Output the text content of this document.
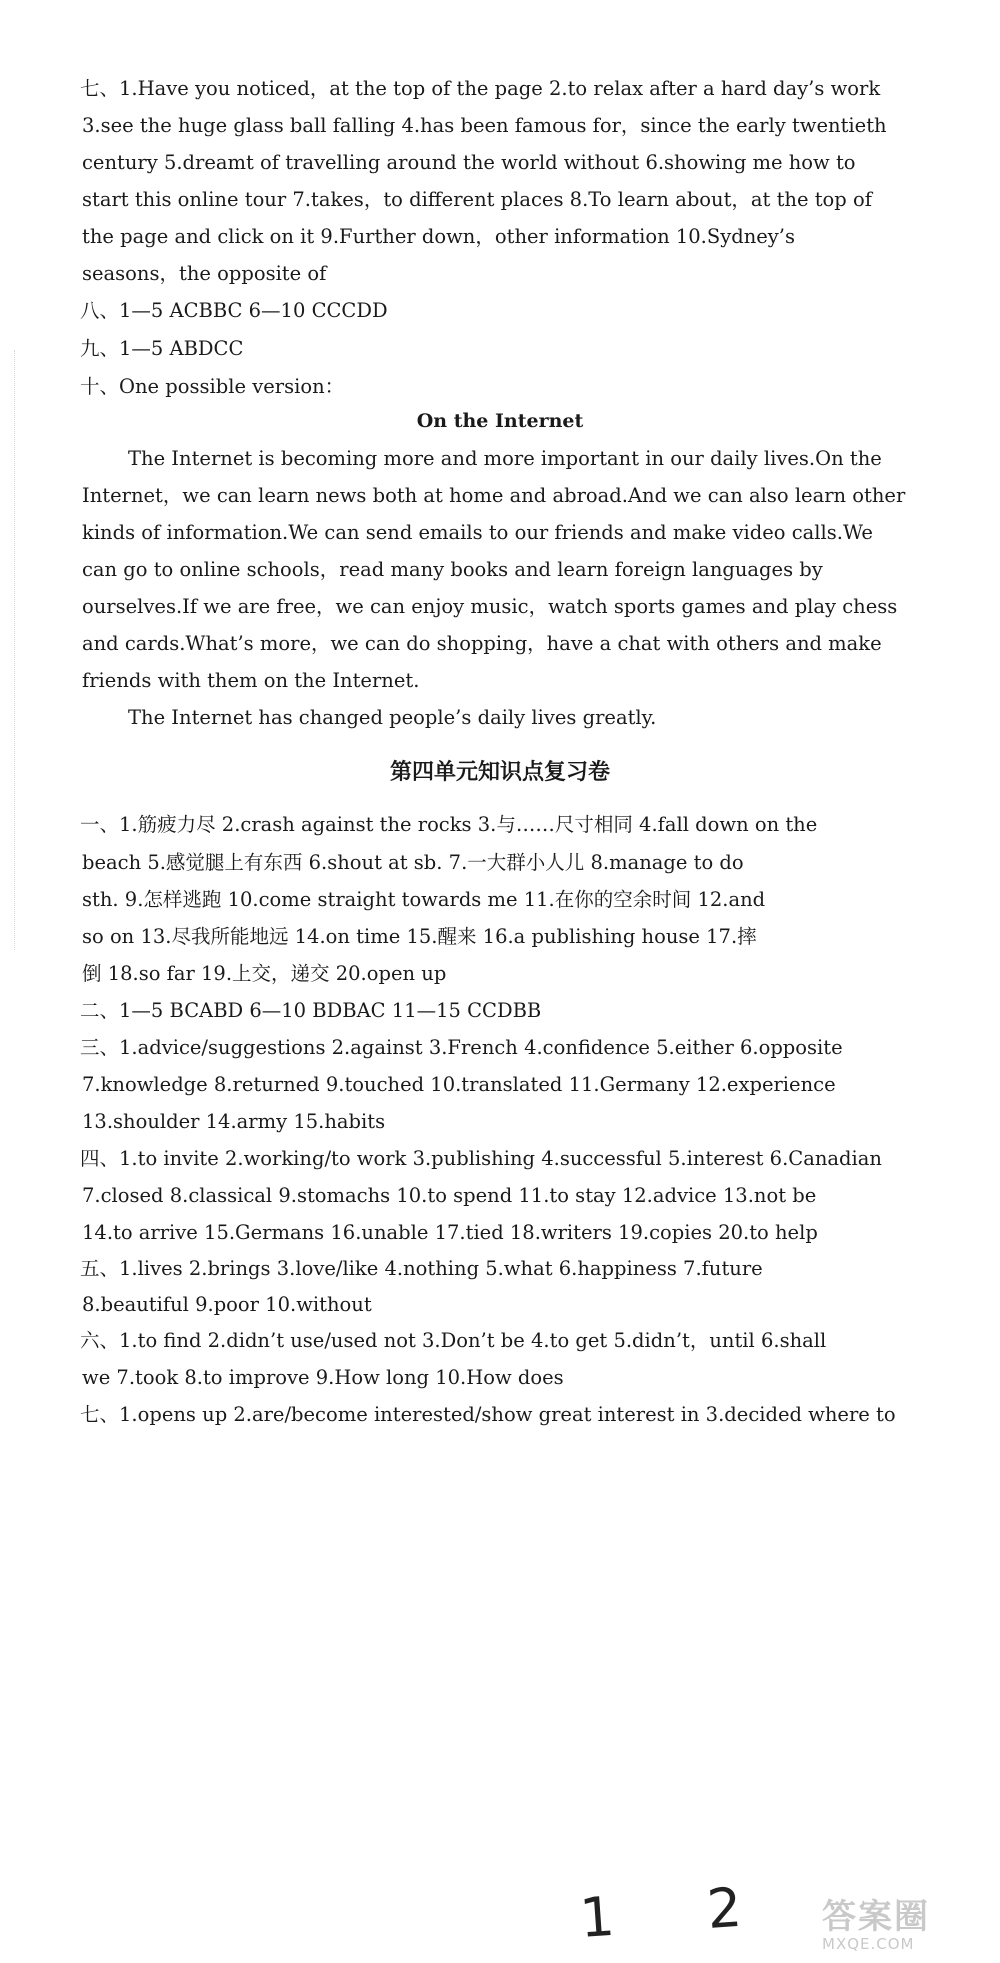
七、1.Have you noticed，at the top of the page 2.to relax after a hard day’s work
3.see the huge glass ball falling 4.has been famous for，since the early twentieth
century 5.dreamt of travelling around the world without 6.showing me how to
start this online tour 7.takes，to different places 8.To learn about，at the top of
the page and click on it 9.Further down，other information 10.Sydney’s
seasons，the opposite of
八、1—5 ACBBC 6—10 CCCDD
九、1—5 ABDCC
十、One possible version：
On the Internet
The Internet is becoming more and more important in our daily lives.On the
Internet，we can learn news both at home and abroad.And we can also learn other
kinds of information.We can send emails to our friends and make video calls.We
can go to online schools，read many books and learn foreign languages by
ourselves.If we are free，we can enjoy music，watch sports games and play chess
and cards.What’s more，we can do shopping，have a chat with others and make
friends with them on the Internet.
The Internet has changed people’s daily lives greatly.
第四单元知识点复习卷
一、1.筋疲力尽 2.crash against the rocks 3.与……尺寸相同 4.fall down on the
beach 5.感觉腿上有东西 6.shout at sb. 7.一大群小人儿 8.manage to do
sth. 9.怎样逃跑 10.come straight towards me 11.在你的空余时间 12.and
so on 13.尽我所能地远 14.on time 15.醒来 16.a publishing house 17.摔
倒 18.so far 19.上交，递交 20.open up
二、1—5 BCABD 6—10 BDBAC 11—15 CCDBB
三、1.advice/suggestions 2.against 3.French 4.confidence 5.either 6.opposite
7.knowledge 8.returned 9.touched 10.translated 11.Germany 12.experience
13.shoulder 14.army 15.habits
四、1.to invite 2.working/to work 3.publishing 4.successful 5.interest 6.Canadian
7.closed 8.classical 9.stomachs 10.to spend 11.to stay 12.advice 13.not be
14.to arrive 15.Germans 16.unable 17.tied 18.writers 19.copies 20.to help
五、1.lives 2.brings 3.love/like 4.nothing 5.what 6.happiness 7.future
8.beautiful 9.poor 10.without
六、1.to find 2.didn’t use/used not 3.Don’t be 4.to get 5.didn’t，until 6.shall
we 7.took 8.to improve 9.How long 10.How does
七、1.opens up 2.are/become interested/show great interest in 3.decided where to
1 2 答案圈
MXQE.COM
